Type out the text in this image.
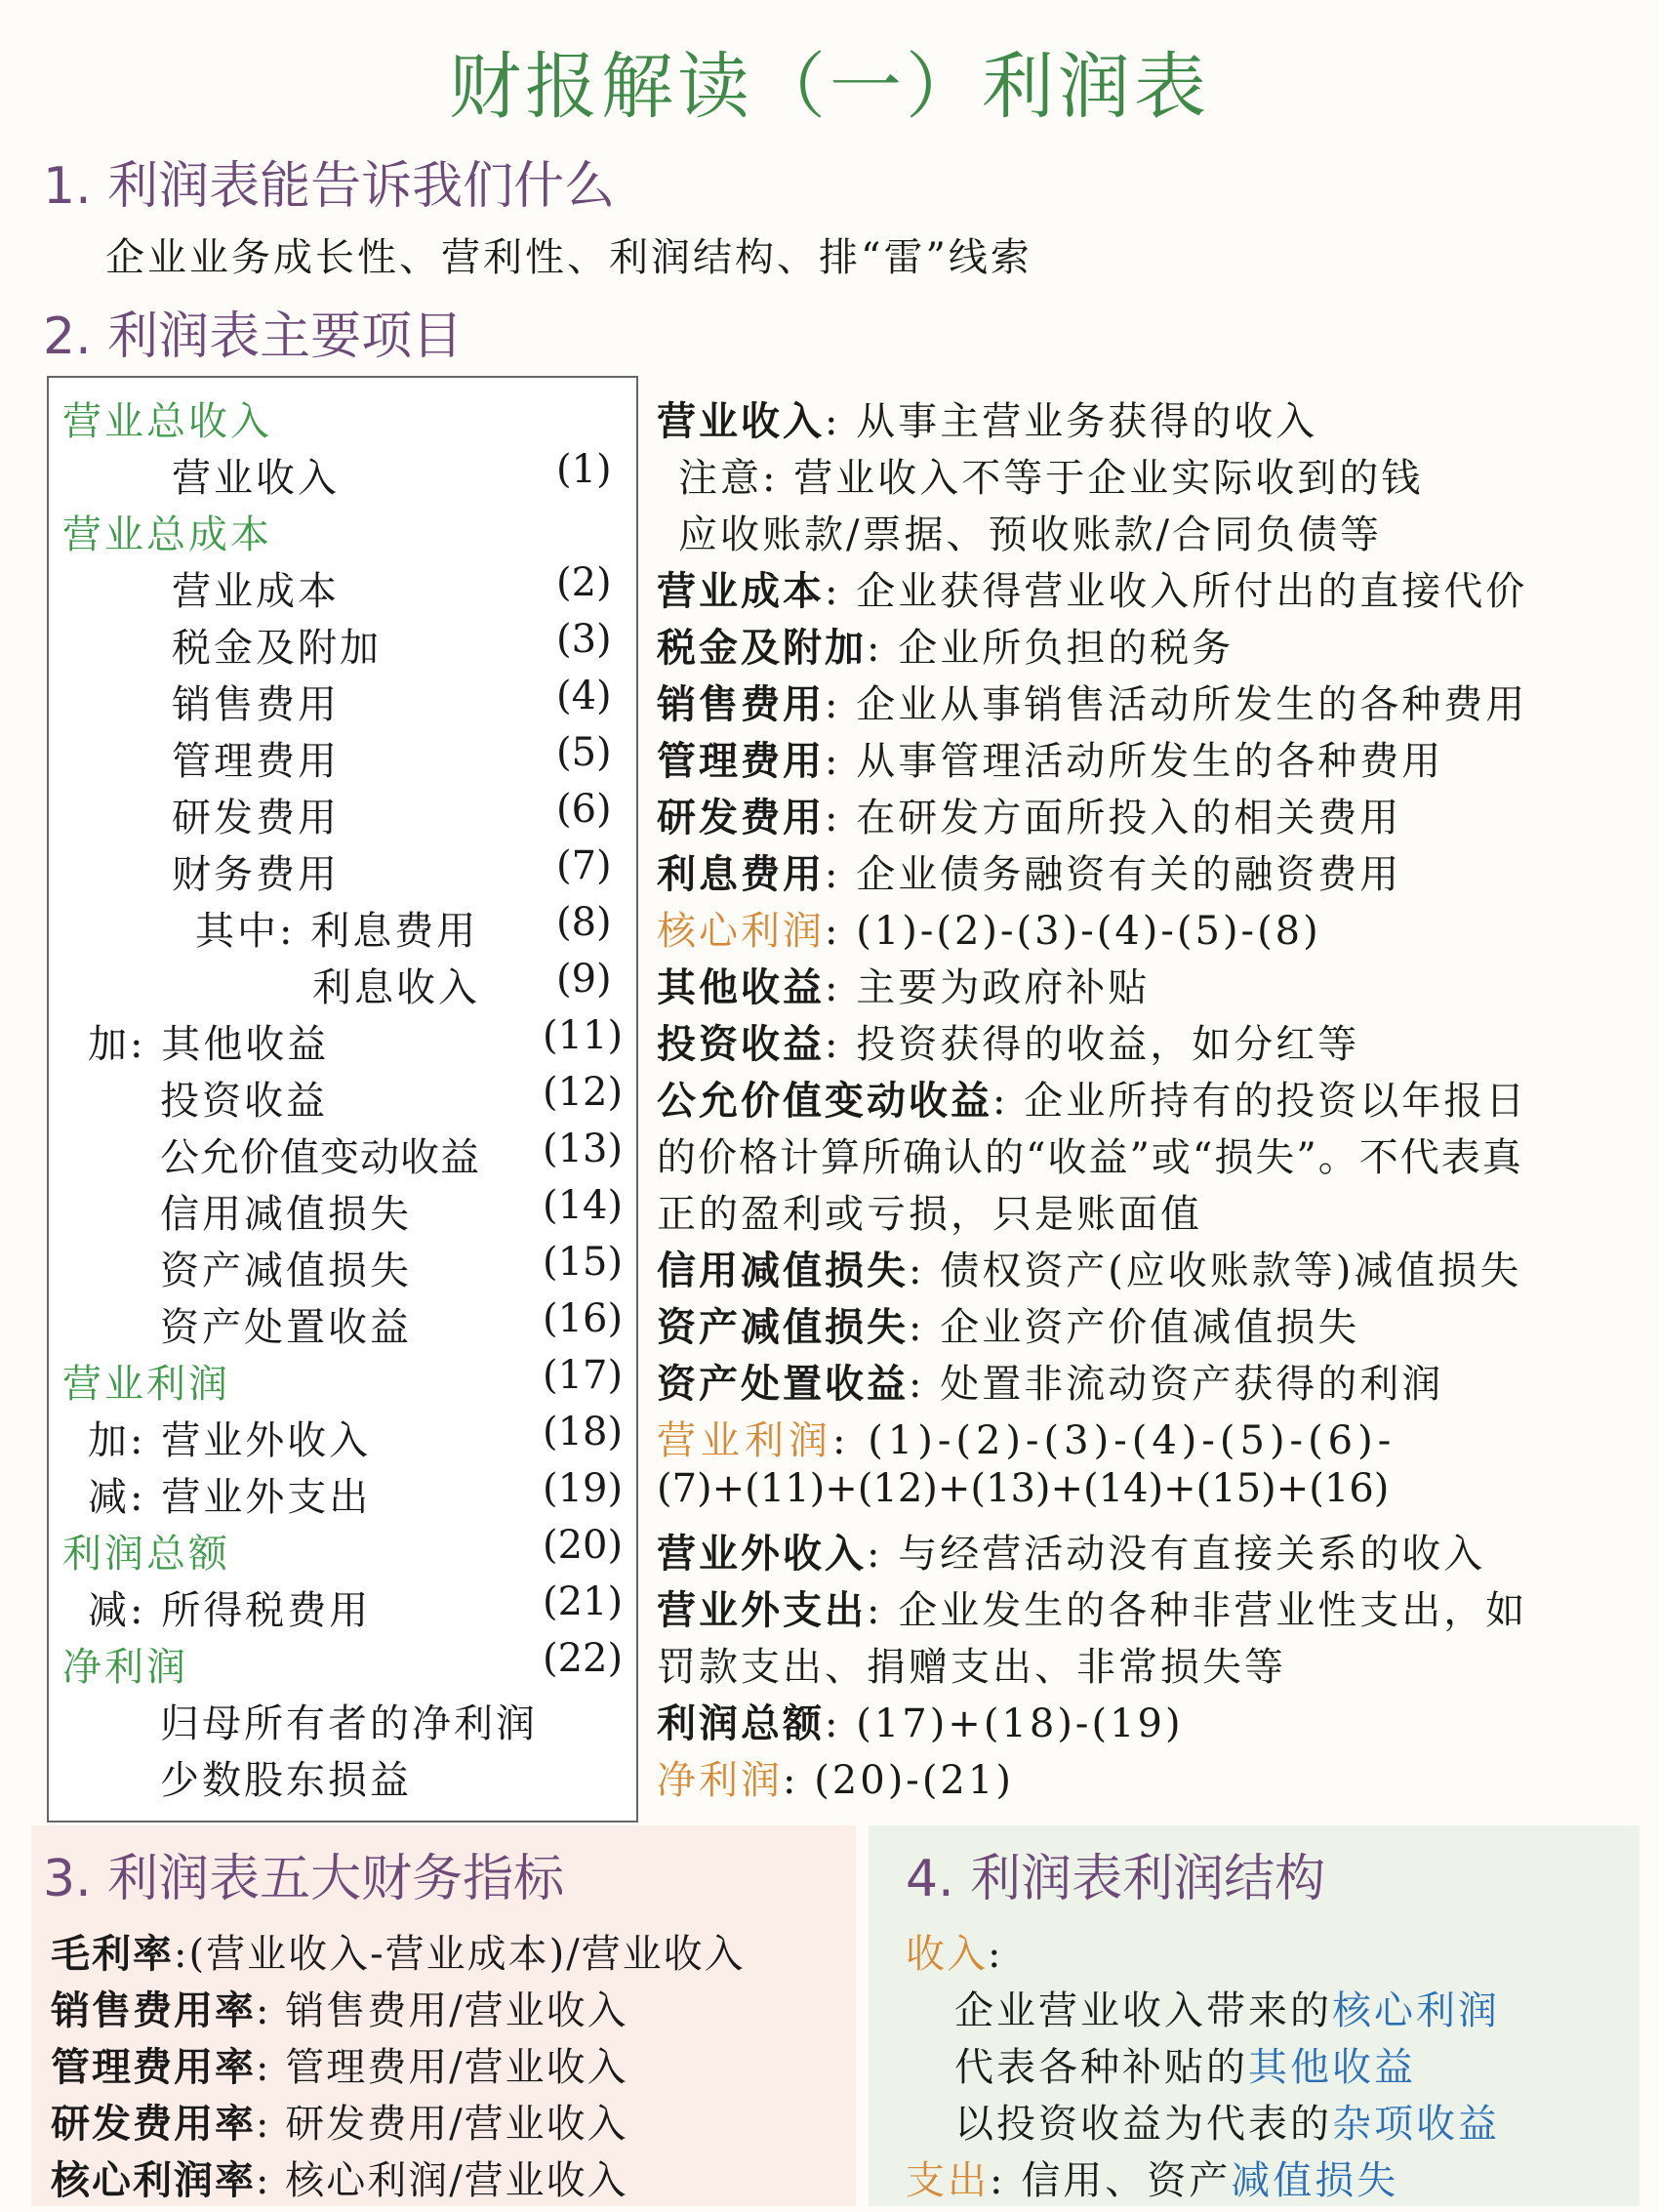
财报解读（一）利润表
1. 利润表能告诉我们什么
企业业务成长性、营利性、利润结构、排“雷”线索
2. 利润表主要项目
营业总收入
营业收入	(1)
营业总成本
营业成本	(2)
税金及附加	(3)
销售费用	(4)
管理费用	(5)
研发费用	(6)
财务费用	(7)
其中: 利息费用 (8)
利息收入 (9)
加: 其他收益	(11)
投资收益	(12)
公允价值变动收益 (13)
信用减值损失	(14)
资产减值损失	(15)
资产处置收益	(16)
营业利润	(17)
加: 营业外收入	(18)
减: 营业外支出	(19)
利润总额	(20)
减: 所得税费用	(21)
净利润	(22)
归母所有者的净利润
少数股东损益
营业收入: 从事主营业务获得的收入
注意: 营业收入不等于企业实际收到的钱
应收账款/票据、预收账款/合同负债等
营业成本: 企业获得营业收入所付出的直接代价
税金及附加: 企业所负担的税务
销售费用: 企业从事销售活动所发生的各种费用
管理费用: 从事管理活动所发生的各种费用
研发费用: 在研发方面所投入的相关费用
利息费用: 企业债务融资有关的融资费用
核心利润: (1)-(2)-(3)-(4)-(5)-(8)
其他收益: 主要为政府补贴
投资收益: 投资获得的收益，如分红等
公允价值变动收益: 企业所持有的投资以年报日
的价格计算所确认的“收益”或“损失”。不代表真
正的盈利或亏损，只是账面值
信用减值损失: 债权资产(应收账款等)减值损失
资产减值损失: 企业资产价值减值损失
资产处置收益: 处置非流动资产获得的利润
营业利润: (1)-(2)-(3)-(4)-(5)-(6)-
(7)+(11)+(12)+(13)+(14)+(15)+(16)
营业外收入: 与经营活动没有直接关系的收入
营业外支出: 企业发生的各种非营业性支出，如
罚款支出、捐赠支出、非常损失等
利润总额: (17)+(18)-(19)
净利润: (20)-(21)
3. 利润表五大财务指标
毛利率:(营业收入-营业成本)/营业收入
销售费用率: 销售费用/营业收入
管理费用率: 管理费用/营业收入
研发费用率: 研发费用/营业收入
核心利润率: 核心利润/营业收入
4. 利润表利润结构
收入:
企业营业收入带来的核心利润
代表各种补贴的其他收益
以投资收益为代表的杂项收益
支出: 信用、资产减值损失
